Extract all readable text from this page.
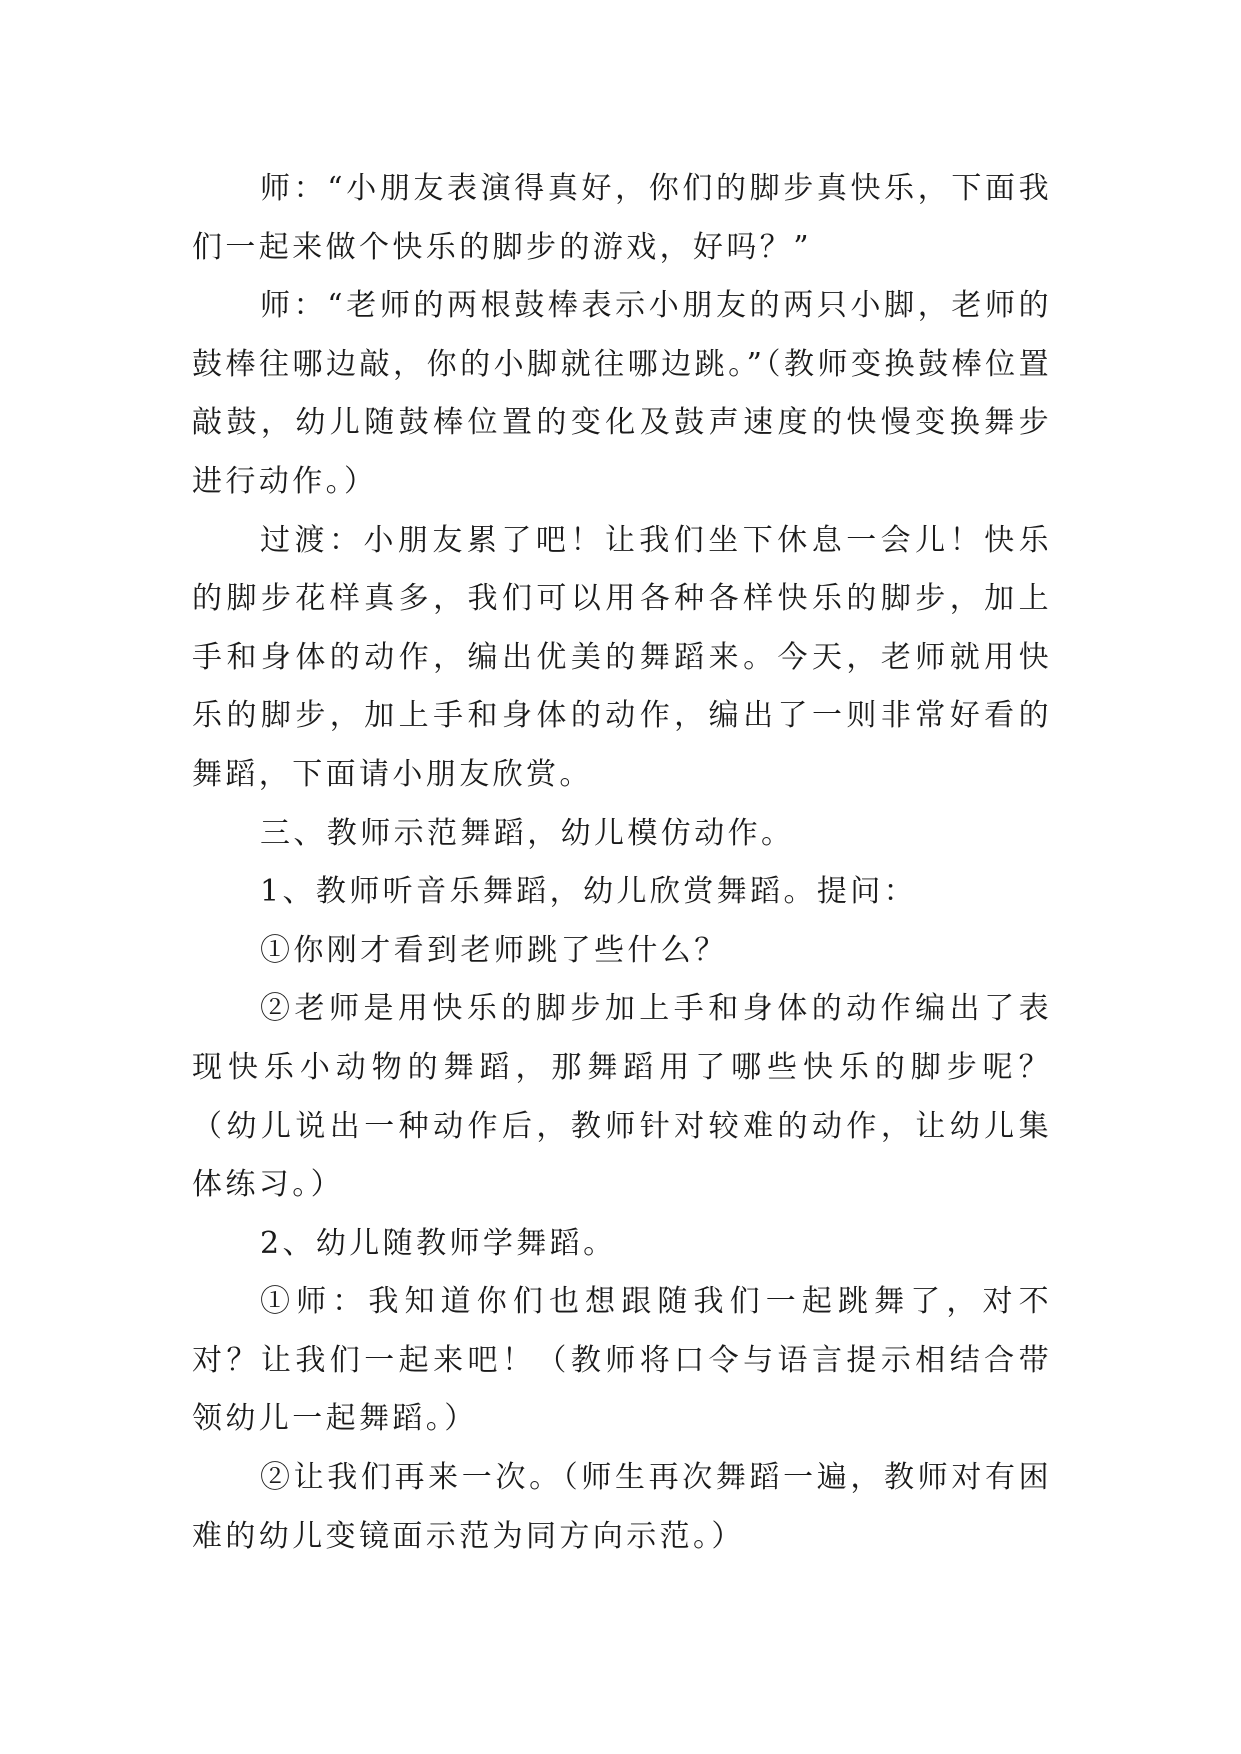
师：“小朋友表演得真好，你们的脚步真快乐，下面我们一起来做个快乐的脚步的游戏，好吗？”

师：“老师的两根鼓棒表示小朋友的两只小脚，老师的鼓棒往哪边敲，你的小脚就往哪边跳。”（教师变换鼓棒位置敲鼓，幼儿随鼓棒位置的变化及鼓声速度的快慢变换舞步进行动作。）

过渡：小朋友累了吧！让我们坐下休息一会儿！快乐的脚步花样真多，我们可以用各种各样快乐的脚步，加上手和身体的动作，编出优美的舞蹈来。今天，老师就用快乐的脚步，加上手和身体的动作，编出了一则非常好看的舞蹈，下面请小朋友欣赏。

三、教师示范舞蹈，幼儿模仿动作。

1、教师听音乐舞蹈，幼儿欣赏舞蹈。提问：

①你刚才看到老师跳了些什么？

②老师是用快乐的脚步加上手和身体的动作编出了表现快乐小动物的舞蹈，那舞蹈用了哪些快乐的脚步呢？（幼儿说出一种动作后，教师针对较难的动作，让幼儿集体练习。）

2、幼儿随教师学舞蹈。

①师：我知道你们也想跟随我们一起跳舞了，对不对？让我们一起来吧！（教师将口令与语言提示相结合带领幼儿一起舞蹈。）

②让我们再来一次。（师生再次舞蹈一遍，教师对有困难的幼儿变镜面示范为同方向示范。）
